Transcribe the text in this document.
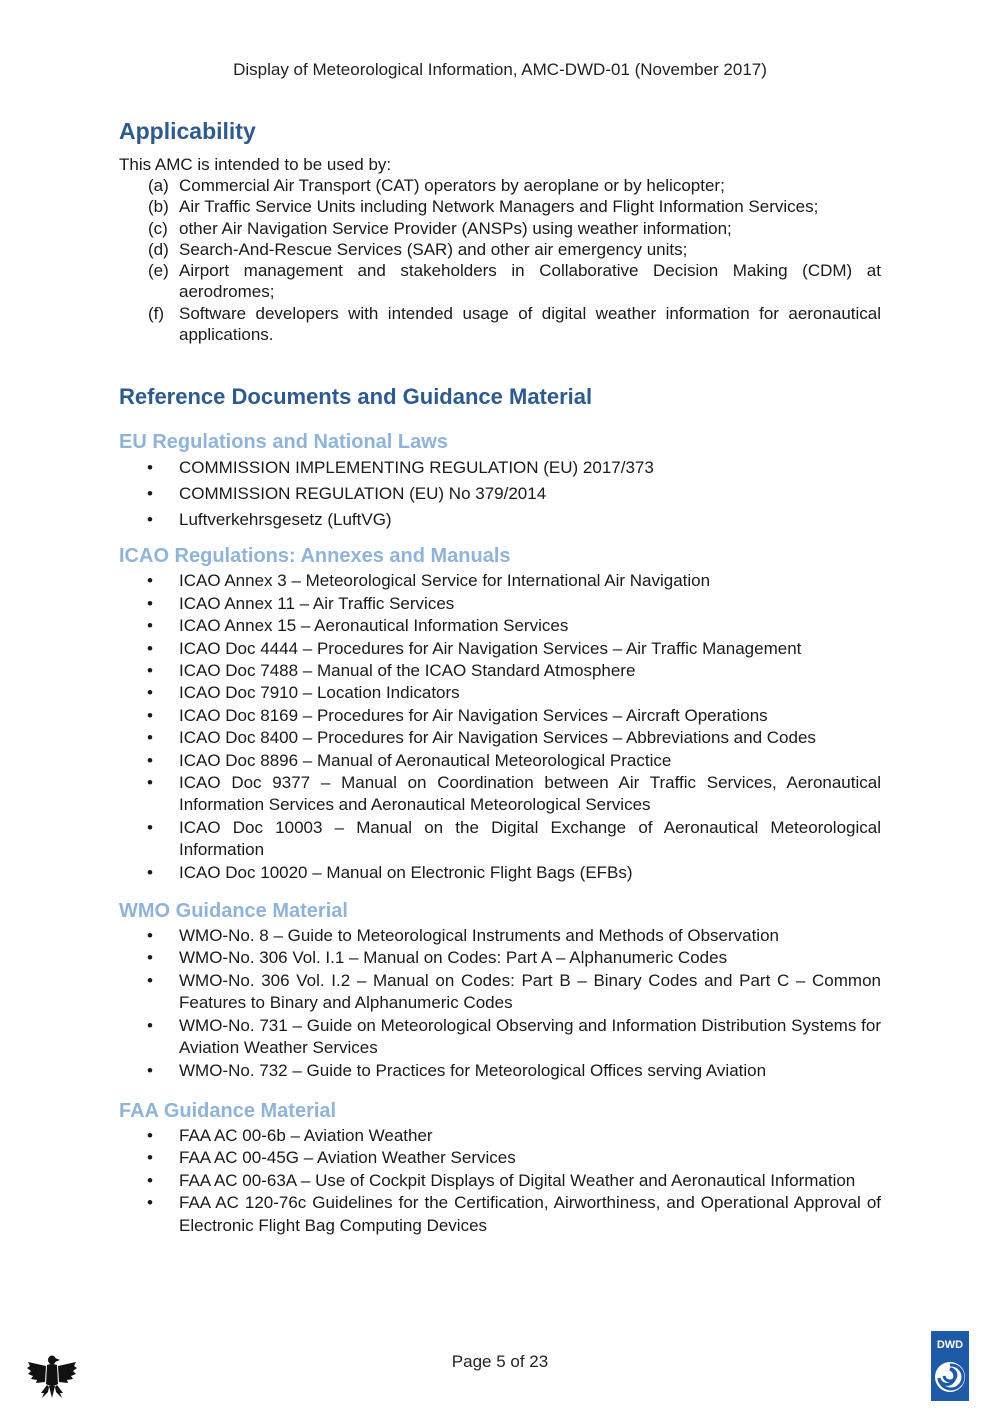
Display of Meteorological Information, AMC-DWD-01 (November 2017)
Applicability

This AMC is intended to be used by:

(a) Commercial Air Transport (CAT) operators by aeroplane or by helicopter;
(b) Air Traffic Service Units including Network Managers and Flight Information Services;
(c) other Air Navigation Service Provider (ANSPs) using weather information;
(d) Search-And-Rescue Services (SAR) and other air emergency units;
(e) Airport management and stakeholders in Collaborative Decision Making (CDM) at aerodromes;
(f) Software developers with intended usage of digital weather information for aeronautical applications.
Reference Documents and Guidance Material
EU Regulations and National Laws
• COMMISSION IMPLEMENTING REGULATION (EU) 2017/373
• COMMISSION REGULATION (EU) No 379/2014
• Luftverkehrsgesetz (LuftVG)
ICAO Regulations: Annexes and Manuals
• ICAO Annex 3 – Meteorological Service for International Air Navigation
• ICAO Annex 11 – Air Traffic Services
• ICAO Annex 15 – Aeronautical Information Services
• ICAO Doc 4444 – Procedures for Air Navigation Services – Air Traffic Management
• ICAO Doc 7488 – Manual of the ICAO Standard Atmosphere
• ICAO Doc 7910 – Location Indicators
• ICAO Doc 8169 – Procedures for Air Navigation Services – Aircraft Operations
• ICAO Doc 8400 – Procedures for Air Navigation Services – Abbreviations and Codes
• ICAO Doc 8896 – Manual of Aeronautical Meteorological Practice
• ICAO Doc 9377 – Manual on Coordination between Air Traffic Services, Aeronautical Information Services and Aeronautical Meteorological Services
• ICAO Doc 10003 – Manual on the Digital Exchange of Aeronautical Meteorological Information
• ICAO Doc 10020 – Manual on Electronic Flight Bags (EFBs)
WMO Guidance Material
• WMO-No. 8 – Guide to Meteorological Instruments and Methods of Observation
• WMO-No. 306 Vol. I.1 – Manual on Codes: Part A – Alphanumeric Codes
• WMO-No. 306 Vol. I.2 – Manual on Codes: Part B – Binary Codes and Part C – Common Features to Binary and Alphanumeric Codes
• WMO-No. 731 – Guide on Meteorological Observing and Information Distribution Systems for Aviation Weather Services
• WMO-No. 732 – Guide to Practices for Meteorological Offices serving Aviation
FAA Guidance Material
• FAA AC 00-6b – Aviation Weather
• FAA AC 00-45G – Aviation Weather Services
• FAA AC 00-63A – Use of Cockpit Displays of Digital Weather and Aeronautical Information
• FAA AC 120-76c Guidelines for the Certification, Airworthiness, and Operational Approval of Electronic Flight Bag Computing Devices
Page 5 of 23
DWD
